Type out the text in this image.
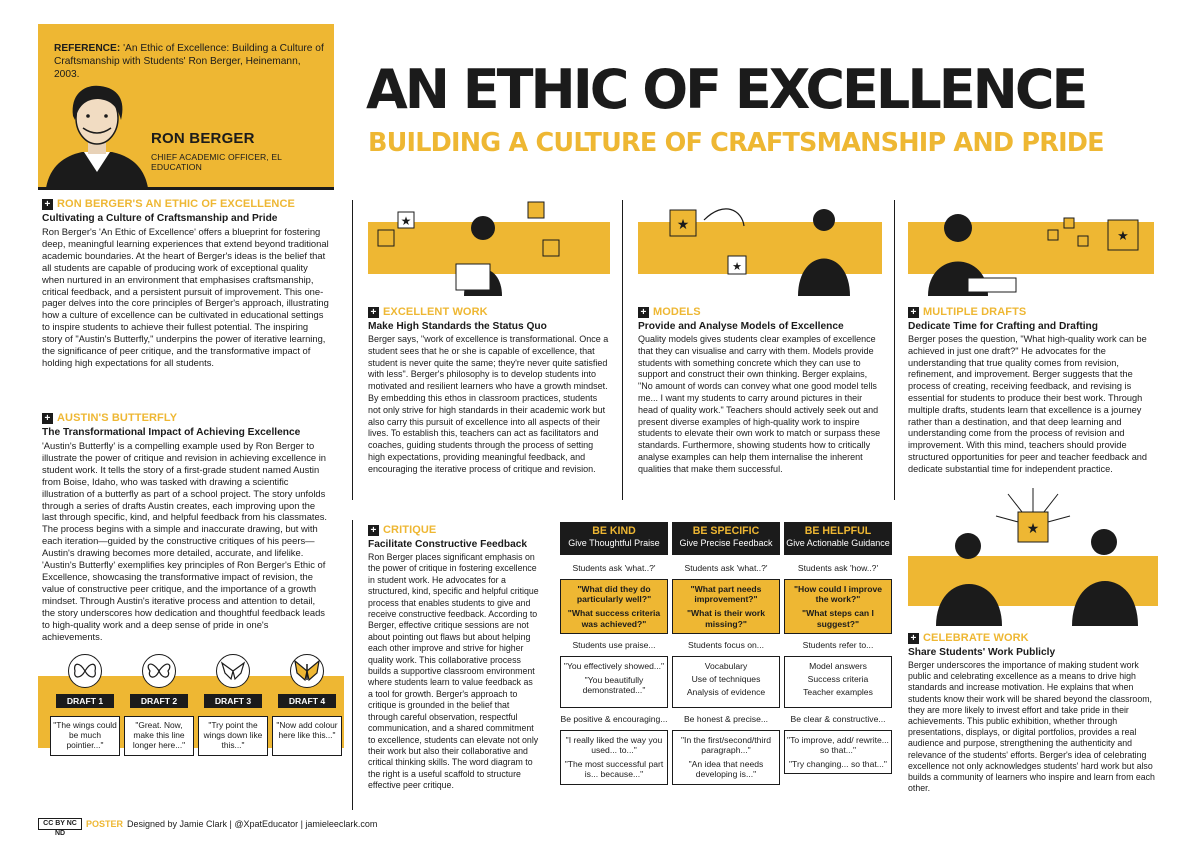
REFERENCE: 'An Ethic of Excellence: Building a Culture of Craftsmanship with Students' Ron Berger, Heinemann, 2003.
RON BERGER
CHIEF ACADEMIC OFFICER, EL EDUCATION
AN ETHIC OF EXCELLENCE
BUILDING A CULTURE OF CRAFTSMANSHIP AND PRIDE
+ RON BERGER'S AN ETHIC OF EXCELLENCE
Cultivating a Culture of Craftsmanship and Pride
Ron Berger's 'An Ethic of Excellence' offers a blueprint for fostering deep, meaningful learning experiences that extend beyond traditional academic boundaries. At the heart of Berger's ideas is the belief that all students are capable of producing work of exceptional quality when nurtured in an environment that emphasises craftsmanship, critical feedback, and a persistent pursuit of improvement. This one-pager delves into the core principles of Berger's approach, illustrating how a culture of excellence can be cultivated in educational settings to inspire students to achieve their fullest potential. The inspiring story of "Austin's Butterfly," underpins the power of iterative learning, the significance of peer critique, and the transformative impact of holding high expectations for all students.
+ AUSTIN'S BUTTERFLY
The Transformational Impact of Achieving Excellence
'Austin's Butterfly' is a compelling example used by Ron Berger to illustrate the power of critique and revision in achieving excellence in student work. It tells the story of a first-grade student named Austin from Boise, Idaho, who was tasked with drawing a scientific illustration of a butterfly as part of a school project. The story unfolds through a series of drafts Austin creates, each improving upon the last through specific, kind, and helpful feedback from his classmates. The process begins with a simple and inaccurate drawing, but with each iteration—guided by the constructive critiques of his peers—Austin's drawing becomes more detailed, accurate, and lifelike. 'Austin's Butterfly' exemplifies key principles of Ron Berger's Ethic of Excellence, showcasing the transformative impact of revision, the value of constructive peer critique, and the importance of a growth mindset. Through Austin's iterative process and attention to detail, the story underscores how dedication and thoughtful feedback leads to high-quality work and a deep sense of pride in one's achievements.
DRAFT 1
"The wings could be much pointier..."
DRAFT 2
"Great. Now, make this line longer here..."
DRAFT 3
"Try point the wings down like this..."
DRAFT 4
"Now add colour here like this..."
★	★
★
★
+ EXCELLENT WORK
Make High Standards the Status Quo
Berger says, "work of excellence is transformational. Once a student sees that he or she is capable of excellence, that student is never quite the same; they're never quite satisfied with less". Berger's philosophy is to develop students into motivated and resilient learners who have a growth mindset. By embedding this ethos in classroom practices, students not only strive for high standards in their academic work but also carry this pursuit of excellence into all aspects of their lives. To establish this, teachers can act as facilitators and coaches, guiding students through the process of setting high expectations, providing meaningful feedback, and encouraging the iterative process of critique and revision.
+ MODELS
Provide and Analyse Models of Excellence
Quality models gives students clear examples of excellence that they can visualise and carry with them. Models provide students with something concrete which they can use to support and construct their own thinking. Berger explains, "No amount of words can convey what one good model tells me... I want my students to carry around pictures in their head of quality work." Teachers should actively seek out and present diverse examples of high-quality work to inspire students to elevate their own work to match or surpass these standards. Furthermore, showing students how to critically analyse examples can help them internalise the inherent qualities that make them successful.
+ MULTIPLE DRAFTS
Dedicate Time for Crafting and Drafting
Berger poses the question, "What high-quality work can be achieved in just one draft?" He advocates for the understanding that true quality comes from revision, refinement, and improvement. Berger suggests that the process of creating, receiving feedback, and revising is essential for students to produce their best work. Through multiple drafts, students learn that excellence is a journey rather than a destination, and that deep learning and understanding come from the process of revision and improvement. With this mind, teachers should provide structured opportunities for peer and teacher feedback and dedicate substantial time for independent practice.
+ CRITIQUE
Facilitate Constructive Feedback
Ron Berger places significant emphasis on the power of critique in fostering excellence in student work. He advocates for a structured, kind, specific and helpful critique process that enables students to give and receive constructive feedback. According to Berger, effective critique sessions are not about pointing out flaws but about helping each other improve and strive for higher quality work. This collaborative process builds a supportive classroom environment where students learn to value feedback as a tool for growth. Berger's approach to critique is grounded in the belief that through careful observation, respectful communication, and a shared commitment to excellence, students can elevate not only their work but also their collaborative and critical thinking skills. The word diagram to the right is a useful scaffold to structure effective peer critique.
BE KIND
Give Thoughtful Praise
Students ask 'what..?'
"What did they do particularly well?"
"What success criteria was achieved?"
Students use praise...
"You effectively showed..."
"You beautifully demonstrated..."
Be positive & encouraging...
"I really liked the way you used... to..."
"The most successful part is... because..."
BE SPECIFIC
Give Precise Feedback
Students ask 'what..?'
"What part needs improvement?"
"What is their work missing?"
Students focus on...
Vocabulary
Use of techniques
Analysis of evidence
Be honest & precise...
"In the first/second/third paragraph..."
"An idea that needs developing is..."
BE HELPFUL
Give Actionable Guidance
Students ask 'how..?'
"How could I improve the work?"
"What steps can I suggest?"
Students refer to...
Model answers
Success criteria
Teacher examples
Be clear & constructive...
"To improve, add/ rewrite... so that..."
"Try changing... so that..."
★
+ CELEBRATE WORK
Share Students' Work Publicly
Berger underscores the importance of making student work public and celebrating excellence as a means to drive high standards and increase motivation. He explains that when students know their work will be shared beyond the classroom, they are more likely to invest effort and take pride in their achievements. This public exhibition, whether through presentations, displays, or digital portfolios, provides a real audience and purpose, strengthening the authenticity and relevance of the students' efforts. Berger's idea of celebrating excellence not only acknowledges students' hard work but also builds a community of learners who inspire and learn from each other.
CC BY NC ND
POSTER Designed by Jamie Clark | @XpatEducator | jamieleeclark.com
